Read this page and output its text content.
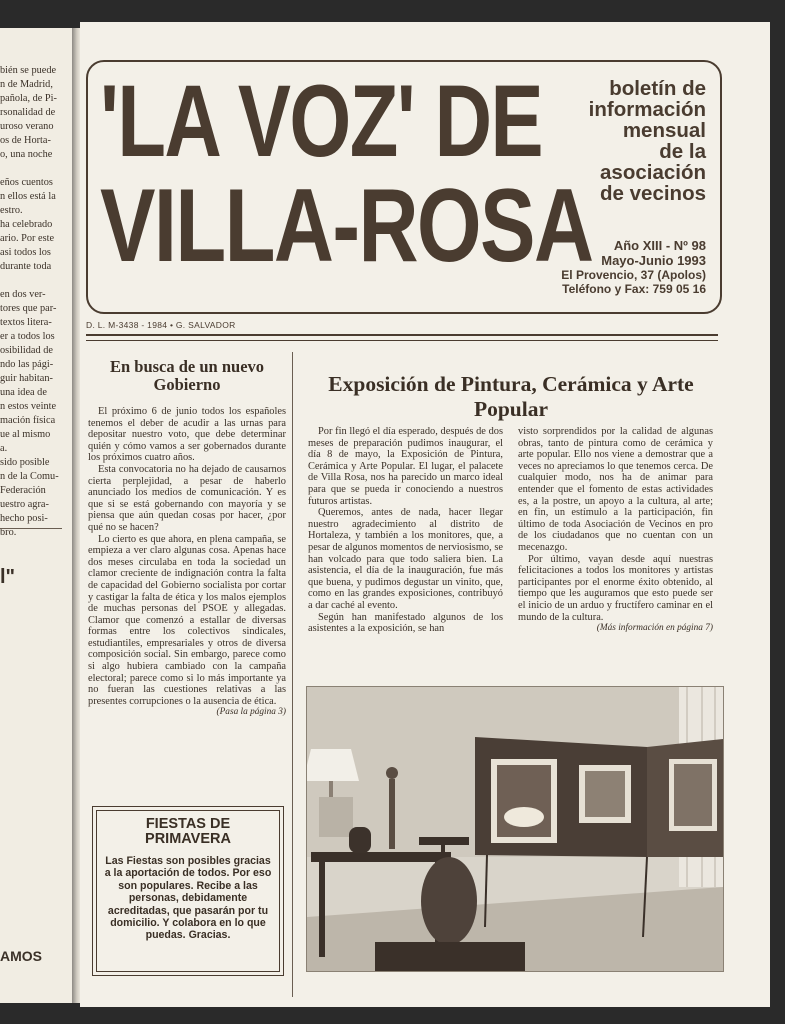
bién se puede
n de Madrid,
pañola, de Pi-
rsonalidad de
uroso verano
os de Horta-
o, una noche

eños cuentos
n ellos está la
estro.
ha celebrado
ario. Por este
asi todos los
durante toda

en dos ver-
tores que par-
textos litera-
er a todos los
osibilidad de
ndo las pági-
guir habitan-
una idea de
n estos veinte
mación física
ue al mismo
a.
sido posible
n de la Comu-
Federación
uestro agra-
hecho posi-
bro.
l"
AMOS
'LA VOZ' DE
VILLA-ROSA
boletín de
información
mensual
de la
asociación
de vecinos
Año XIII - Nº 98
Mayo-Junio 1993
El Provencio, 37 (Apolos)
Teléfono y Fax: 759 05 16
D. L. M-3438 - 1984 • G. SALVADOR
En busca de un nuevo Gobierno

El próximo 6 de junio todos los españoles tenemos el deber de acudir a las urnas para depositar nuestro voto, que debe determinar quién y cómo vamos a ser gobernados durante los próximos cuatro años.

Esta convocatoria no ha dejado de causarnos cierta perplejidad, a pesar de haberlo anunciado los medios de comunicación. Y es que si se está gobernando con mayoría y se piensa que aún quedan cosas por hacer, ¿por qué no se hacen?

Lo cierto es que ahora, en plena campaña, se empieza a ver claro algunas cosa. Apenas hace dos meses circulaba en toda la sociedad un clamor creciente de indignación contra la falta de capacidad del Gobierno socialista por cortar y castigar la falta de ética y los malos ejemplos de muchas personas del PSOE y allegadas. Clamor que comenzó a estallar de diversas formas entre los colectivos sindicales, estudiantiles, empresariales y otros de diversa composición social. Sin embargo, parece como si algo hubiera cambiado con la campaña electoral; parece como si lo más importante ya no fueran las cuestiones relativas a las presentes corrupciones o la ausencia de ética.

(Pasa la página 3)
FIESTAS DE PRIMAVERA
Las Fiestas son posibles gracias a la aportación de todos. Por eso son populares. Recibe a las personas, debidamente acreditadas, que pasarán por tu domicilio. Y colabora en lo que puedas. Gracias.
Exposición de Pintura, Cerámica y Arte Popular

Por fin llegó el día esperado, después de dos meses de preparación pudimos inaugurar, el día 8 de mayo, la Exposición de Pintura, Cerámica y Arte Popular. El lugar, el palacete de Villa Rosa, nos ha parecido un marco ideal para que se pueda ir conociendo a nuestros futuros artistas.

Queremos, antes de nada, hacer llegar nuestro agradecimiento al distrito de Hortaleza, y también a los monitores, que, a pesar de algunos momentos de nerviosismo, se han volcado para que todo saliera bien. La asistencia, el día de la inauguración, fue más que buena, y pudimos degustar un vinito, que, como en las grandes exposiciones, contribuyó a dar caché al evento.

Según han manifestado algunos de los asistentes a la exposición, se han

visto sorprendidos por la calidad de algunas obras, tanto de pintura como de cerámica y arte popular. Ello nos viene a demostrar que a veces no apreciamos lo que tenemos cerca. De cualquier modo, nos ha de animar para entender que el fomento de estas actividades es, a la postre, un apoyo a la cultura, al arte; en fin, un estímulo a la participación, fin último de toda Asociación de Vecinos en pro de los ciudadanos que no cuentan con un mecenazgo.

Por último, vayan desde aquí nuestras felicitaciones a todos los monitores y artistas participantes por el enorme éxito obtenido, al tiempo que les auguramos que esto puede ser el inicio de un arduo y fructífero caminar en el mundo de la cultura.

(Más información en página 7)
